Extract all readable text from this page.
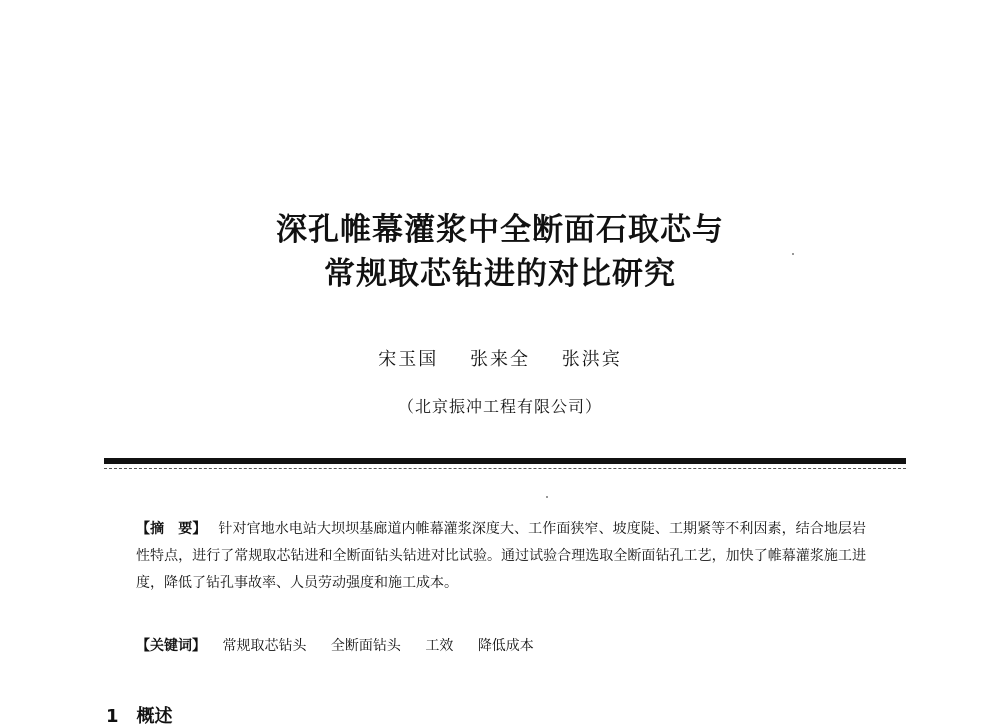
深孔帷幕灌浆中全断面石取芯与
常规取芯钻进的对比研究
宋玉国 张来全 张洪宾
（北京振冲工程有限公司）
【摘　要】 针对官地水电站大坝坝基廊道内帷幕灌浆深度大、工作面狭窄、坡度陡、工期紧等不利因素，结合地层岩性特点，进行了常规取芯钻进和全断面钻头钻进对比试验。通过试验合理选取全断面钻孔工艺，加快了帷幕灌浆施工进度，降低了钻孔事故率、人员劳动强度和施工成本。
【关键词】 常规取芯钻头 全断面钻头 工效 降低成本
1 概述
